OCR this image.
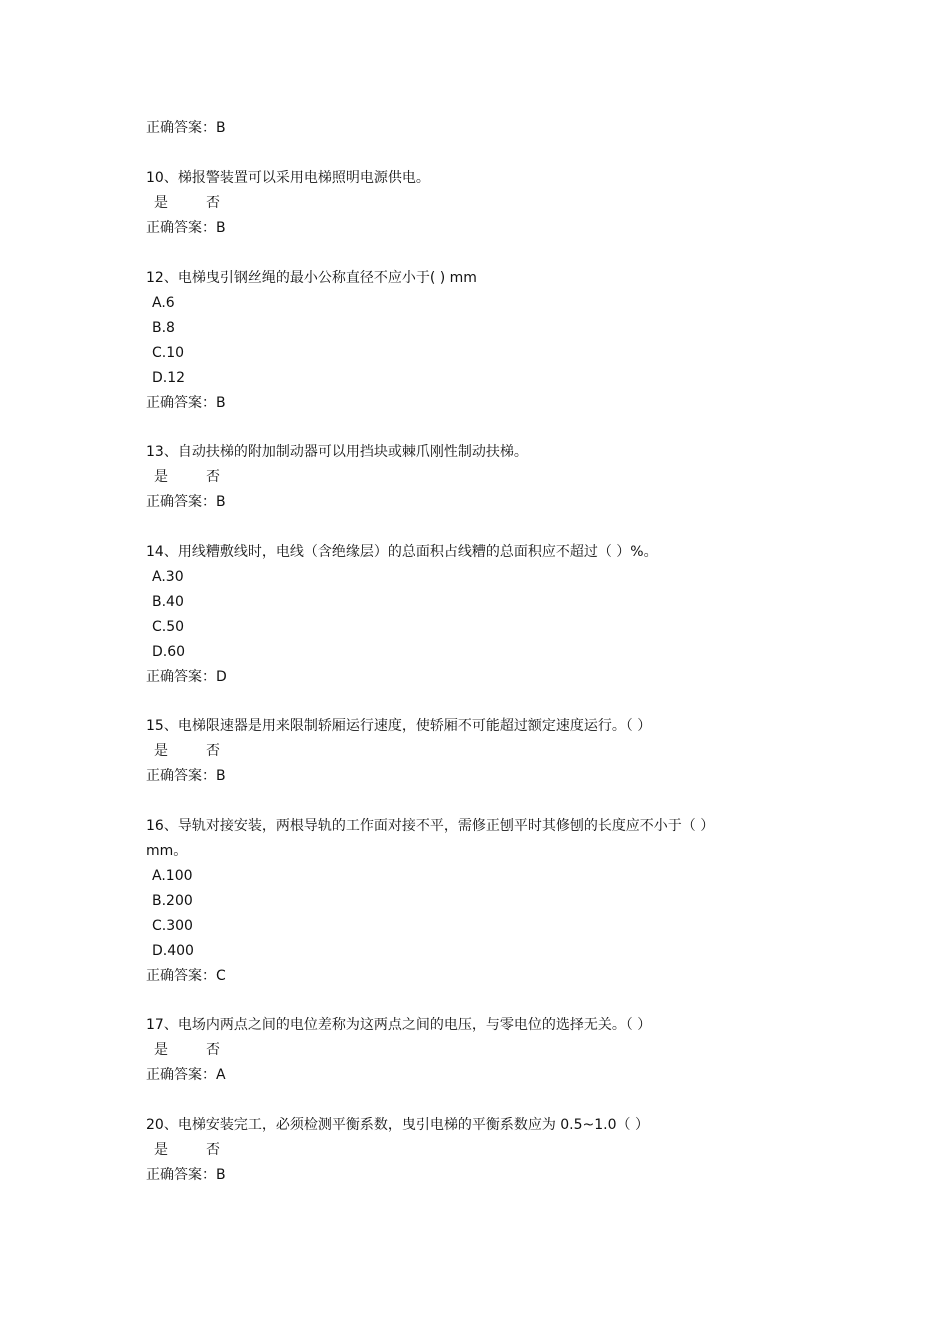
正确答案：B
10、梯报警装置可以采用电梯照明电源供电。
是	否
正确答案：B
12、电梯曳引钢丝绳的最小公称直径不应小于( ) mm
A.6
B.8
C.10
D.12
正确答案：B
13、自动扶梯的附加制动器可以用挡块或棘爪刚性制动扶梯。
是	否
正确答案：B
14、用线糟敷线时，电线（含绝缘层）的总面积占线糟的总面积应不超过（ ）%。
A.30
B.40
C.50
D.60
正确答案：D
15、电梯限速器是用来限制轿厢运行速度，使轿厢不可能超过额定速度运行。（ ）
是	否
正确答案：B
16、导轨对接安装，两根导轨的工作面对接不平，需修正刨平时其修刨的长度应不小于（ ）
mm。
A.100
B.200
C.300
D.400
正确答案：C
17、电场内两点之间的电位差称为这两点之间的电压，与零电位的选择无关。（ ）
是	否
正确答案：A
20、电梯安装完工，必须检测平衡系数，曳引电梯的平衡系数应为 0.5~1.0（ ）
是	否
正确答案：B
